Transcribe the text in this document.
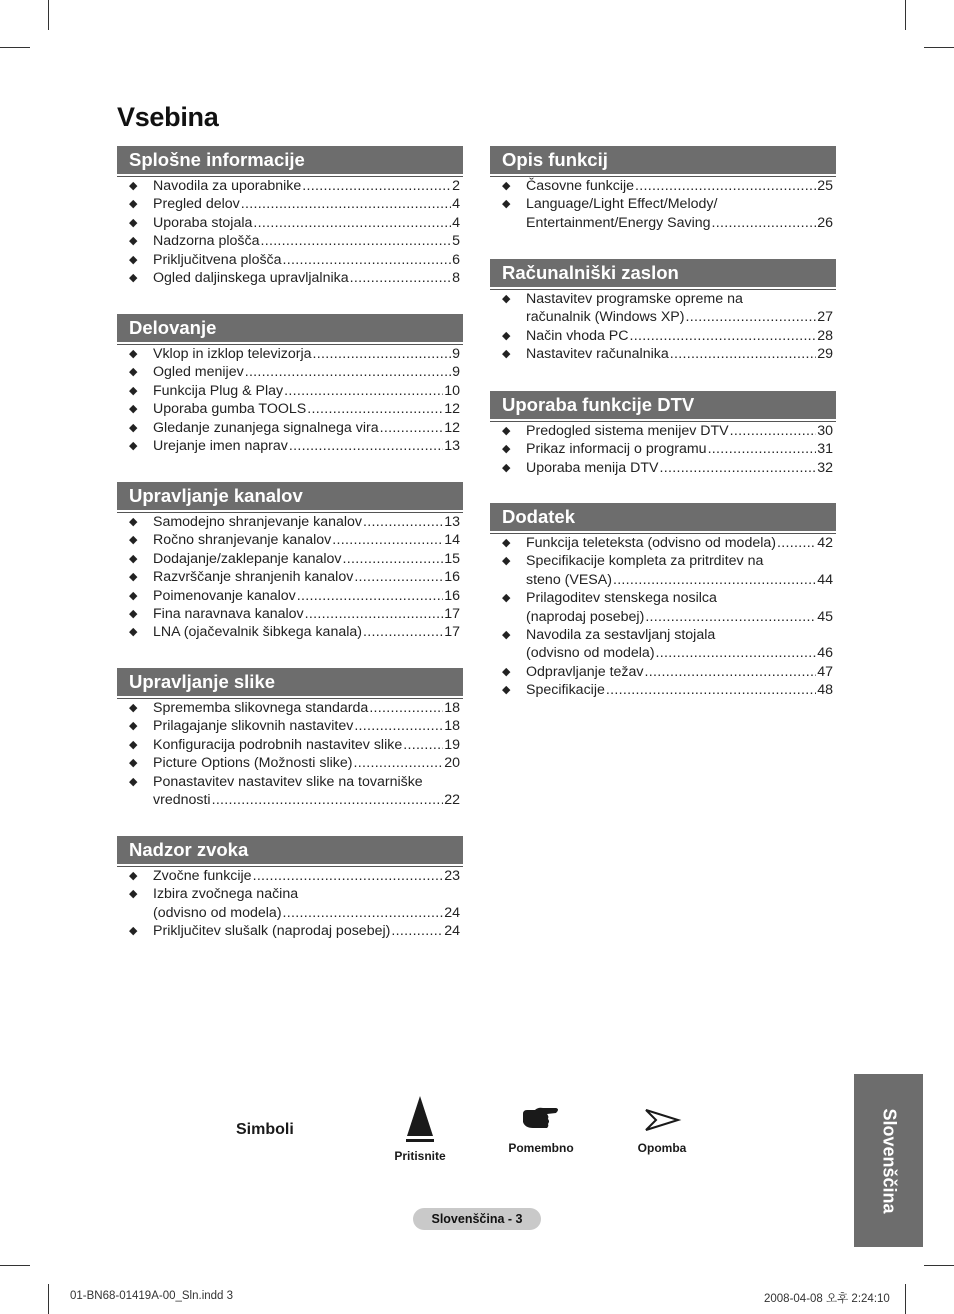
Vsebina
Splošne informacije
◆ Navodila za uporabnike .....	2
◆ Pregled delov .....	4
◆ Uporaba stojala .....	4
◆ Nadzorna plošča .....	5
◆ Priključitvena plošča .....	6
◆ Ogled daljinskega upravljalnika .....	8
Delovanje
◆ Vklop in izklop televizorja .....	9
◆ Ogled menijev .....	9
◆ Funkcija Plug & Play .....	10
◆ Uporaba gumba TOOLS .....	12
◆ Gledanje zunanjega signalnega vira .....	12
◆ Urejanje imen naprav .....	13
Upravljanje kanalov
◆ Samodejno shranjevanje kanalov .....	13
◆ Ročno shranjevanje kanalov .....	14
◆ Dodajanje/zaklepanje kanalov .....	15
◆ Razvrščanje shranjenih kanalov .....	16
◆ Poimenovanje kanalov .....	16
◆ Fina naravnava kanalov .....	17
◆ LNA (ojačevalnik šibkega kanala) .....	17
Upravljanje slike
◆ Sprememba slikovnega standarda .....	18
◆ Prilagajanje slikovnih nastavitev .....	18
◆ Konfiguracija podrobnih nastavitev slike .....	19
◆ Picture Options (Možnosti slike) .....	20
◆ Ponastavitev nastavitev slike na tovarniške
vrednosti .....	22
Nadzor zvoka
◆ Zvočne funkcije .....	23
◆ Izbira zvočnega načina
(odvisno od modela) .....	24
◆ Priključitev slušalk (naprodaj posebej) .....	24
Opis funkcij
◆ Časovne funkcije .....	25
◆ Language/Light Effect/Melody/
Entertainment/Energy Saving .....	26
Računalniški zaslon
◆ Nastavitev programske opreme na
računalnik (Windows XP) .....	27
◆ Način vhoda PC .....	28
◆ Nastavitev računalnika .....	29
Uporaba funkcije DTV
◆ Predogled sistema menijev DTV .....	30
◆ Prikaz informacij o programu .....	31
◆ Uporaba menija DTV .....	32
Dodatek
◆ Funkcija teleteksta (odvisno od modela) .....	42
◆ Specifikacije kompleta za pritrditev na
steno (VESA) .....	44
◆ Prilagoditev stenskega nosilca
(naprodaj posebej) .....	45
◆ Navodila za sestavljanj stojala
(odvisno od modela) .....	46
◆ Odpravljanje težav .....	47
◆ Specifikacije .....	48
Simboli
Pritisnite
Pomembno	Opomba	Slovenščina
Slovenščina - 3
01-BN68-01419A-00_Sln.indd 3	2008-04-08 오후 2:24:10
